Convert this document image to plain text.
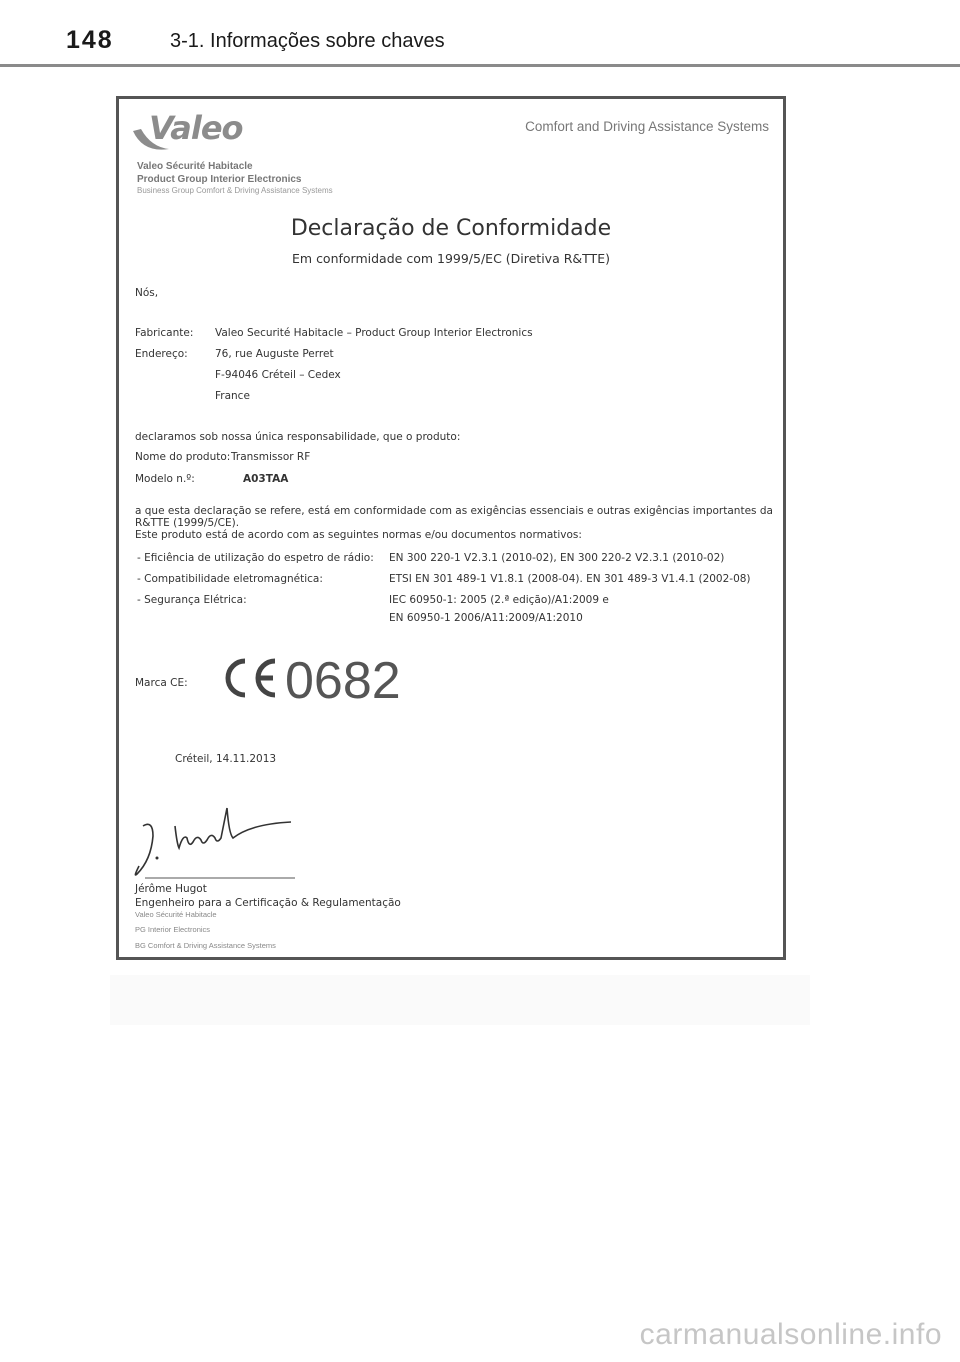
148	3-1. Informações sobre chaves
Valeo	Comfort and Driving Assistance Systems
Valeo Sécurité Habitacle
Product Group Interior Electronics
Business Group Comfort & Driving Assistance Systems
Declaração de Conformidade
Em conformidade com 1999/5/EC (Diretiva R&TTE)
Nós,
Fabricante: Valeo Securité Habitacle – Product Group Interior Electronics
Endereço:	76, rue Auguste Perret
F-94046 Créteil – Cedex
France
declaramos sob nossa única responsabilidade, que o produto:
Nome do produto: Transmissor RF
Modelo n.º:	A03TAA
a que esta declaração se refere, está em conformidade com as exigências essenciais e outras exigências importantes da R&TTE (1999/5/CE).
Este produto está de acordo com as seguintes normas e/ou documentos normativos:
- Eficiência de utilização do espetro de rádio: EN 300 220-1 V2.3.1 (2010-02), EN 300 220-2 V2.3.1 (2010-02)
- Compatibilidade eletromagnética:	ETSI EN 301 489-1 V1.8.1 (2008-04). EN 301 489-3 V1.4.1 (2002-08)
- Segurança Elétrica:	IEC 60950-1: 2005 (2.ª edição)/A1:2009 e
EN 60950-1 2006/A11:2009/A1:2010
Marca CE: 0682
Créteil, 14.11.2013
Jérôme Hugot
Engenheiro para a Certificação & Regulamentação
Valeo Sécurité Habitacle
PG Interior Electronics
BG Comfort & Driving Assistance Systems
carmanualsonline.info
